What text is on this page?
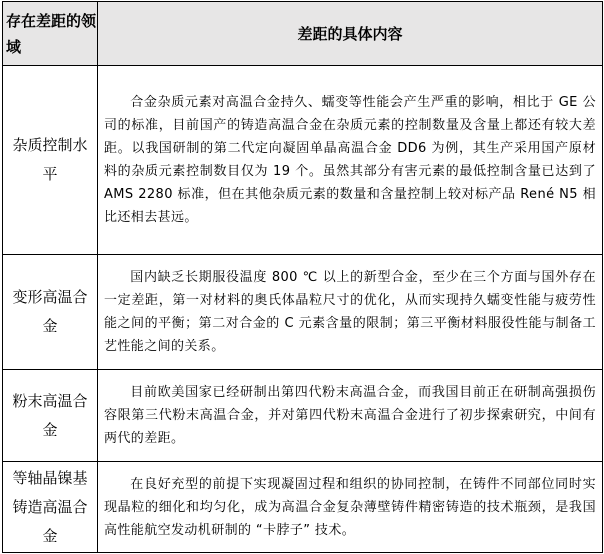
存在差距的领域	差距的具体内容
杂质控制水平	合金杂质元素对高温合金持久、蠕变等性能会产生严重的影响，相比于 GE 公司的标准，目前国产的铸造高温合金在杂质元素的控制数量及含量上都还有较大差距。以我国研制的第二代定向凝固单晶高温合金 DD6 为例，其生产采用国产原材料的杂质元素控制数目仅为 19 个。虽然其部分有害元素的最低控制含量已达到了 AMS 2280 标准，但在其他杂质元素的数量和含量控制上较对标产品 René N5 相比还相去甚远。
变形高温合金	国内缺乏长期服役温度 800 ℃ 以上的新型合金，至少在三个方面与国外存在一定差距，第一对材料的奥氏体晶粒尺寸的优化，从而实现持久蠕变性能与疲劳性能之间的平衡；第二对合金的 C 元素含量的限制；第三平衡材料服役性能与制备工艺性能之间的关系。
粉末高温合金	目前欧美国家已经研制出第四代粉末高温合金，而我国目前正在研制高强损伤容限第三代粉末高温合金，并对第四代粉末高温合金进行了初步探索研究，中间有两代的差距。
等轴晶镍基铸造高温合金	在良好充型的前提下实现凝固过程和组织的协同控制，在铸件不同部位同时实现晶粒的细化和均匀化，成为高温合金复杂薄壁铸件精密铸造的技术瓶颈，是我国高性能航空发动机研制的 “卡脖子” 技术。
